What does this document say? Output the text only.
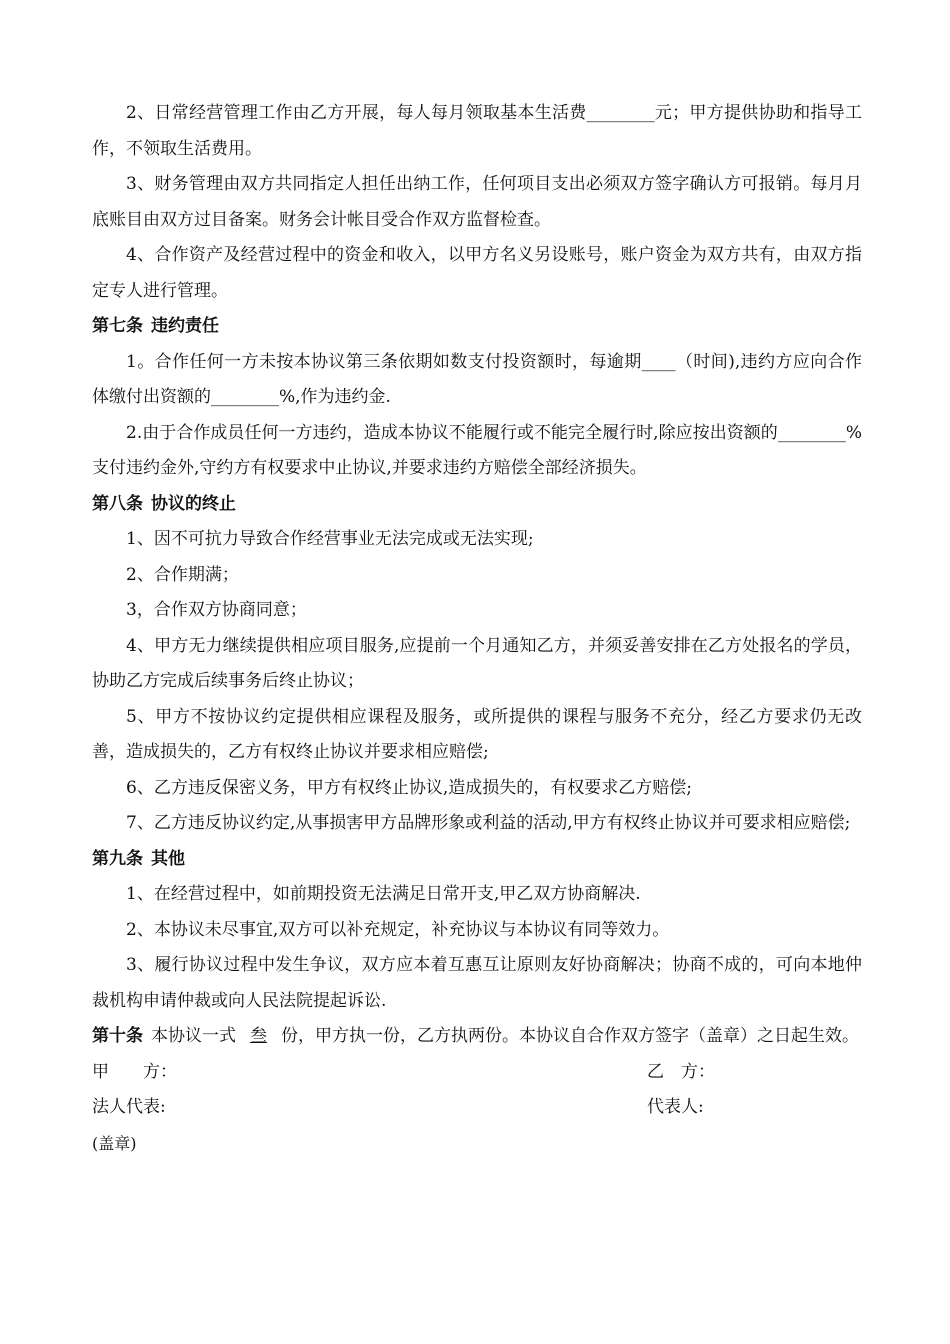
2、日常经营管理工作由乙方开展，每人每月领取基本生活费________元；甲方提供协助和指导工作，不领取生活费用。

3、财务管理由双方共同指定人担任出纳工作，任何项目支出必须双方签字确认方可报销。每月月底账目由双方过目备案。财务会计帐目受合作双方监督检查。

4、合作资产及经营过程中的资金和收入，以甲方名义另设账号，账户资金为双方共有，由双方指定专人进行管理。

第七条 违约责任

1。合作任何一方未按本协议第三条依期如数支付投资额时，每逾期____（时间),违约方应向合作体缴付出资额的________%,作为违约金.

2.由于合作成员任何一方违约，造成本协议不能履行或不能完全履行时,除应按出资额的________%支付违约金外,守约方有权要求中止协议,并要求违约方赔偿全部经济损失。

第八条 协议的终止

1、因不可抗力导致合作经营事业无法完成或无法实现;

2、合作期满；

3，合作双方协商同意；

4、甲方无力继续提供相应项目服务,应提前一个月通知乙方，并须妥善安排在乙方处报名的学员，协助乙方完成后续事务后终止协议；

5、甲方不按协议约定提供相应课程及服务，或所提供的课程与服务不充分，经乙方要求仍无改善，造成损失的，乙方有权终止协议并要求相应赔偿;

6、乙方违反保密义务，甲方有权终止协议,造成损失的，有权要求乙方赔偿;

7、乙方违反协议约定,从事损害甲方品牌形象或利益的活动,甲方有权终止协议并可要求相应赔偿;

第九条 其他

1、在经营过程中，如前期投资无法满足日常开支,甲乙双方协商解决.

2、本协议未尽事宜,双方可以补充规定，补充协议与本协议有同等效力。

3、履行协议过程中发生争议，双方应本着互惠互让原则友好协商解决；协商不成的，可向本地仲裁机构申请仲裁或向人民法院提起诉讼.

第十条 本协议一式 叁 份，甲方执一份，乙方执两份。本协议自合作双方签字（盖章）之日起生效。

甲　　方：	乙　方：
法人代表:	代表人:
(盖章)
